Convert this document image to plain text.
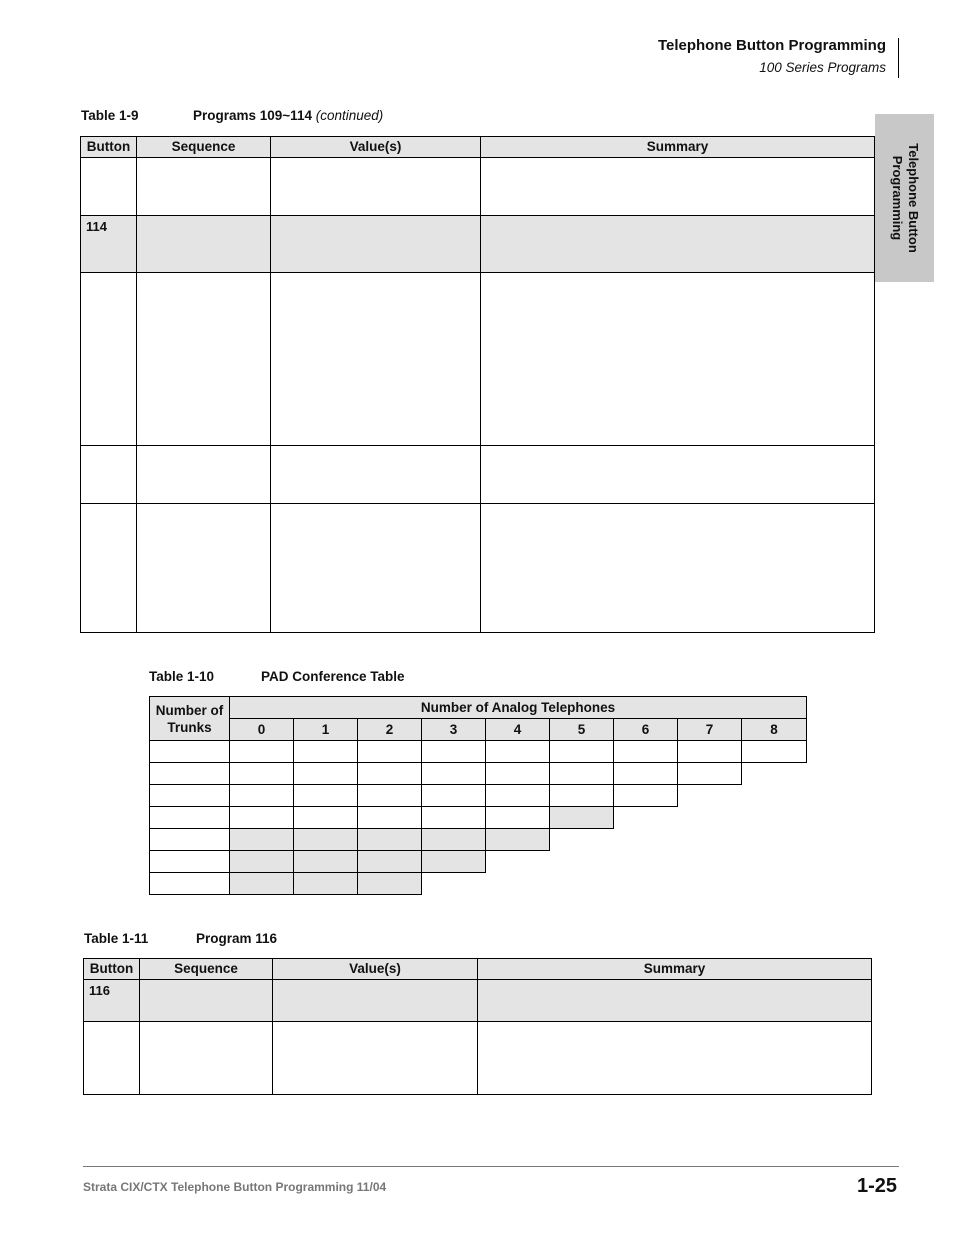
Telephone Button Programming
100 Series Programs
Telephone Button
Programming
Table 1-9	Programs 109~114 (continued)
Button	Sequence	Value(s)	Summary

114			

Table 1-10	PAD Conference Table
Number of Trunks	Number of Analog Telephones								
	0	1	2	3	4	5	6	7	8

Table 1-11	Program 116
Button	Sequence	Value(s)	Summary
116			

Strata CIX/CTX Telephone Button Programming 11/04	1-25
